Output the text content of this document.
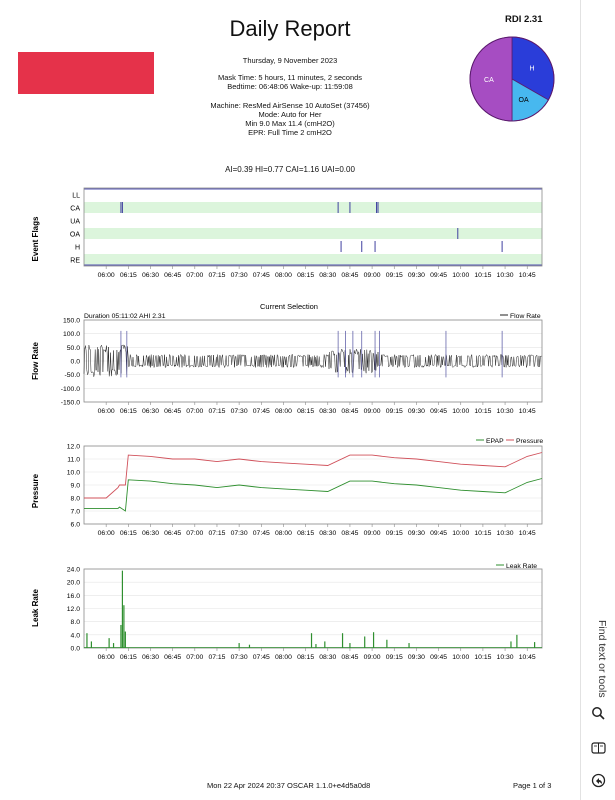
Daily Report	RDI 2.31
Thursday, 9 November 2023
Mask Time: 5 hours, 11 minutes, 2 seconds
Bedtime: 06:48:06 Wake-up: 11:59:08
Machine: ResMed AirSense 10 AutoSet (37456)
Mode: Auto for Her
Min 9.0 Max 11.4 (cmH2O)
EPR: Full Time 2 cmH2O
H
OA
CA
AI=0.39 HI=0.77 CAI=1.16 UAI=0.00
Event Flags
LL
CA
UA
OA
H
RE
06:00 06:15 06:30 06:45 07:00 07:15 07:30 07:45 08:00 08:15 08:30 08:45 09:00 09:15 09:30 09:45 10:00 10:15 10:30 10:45
Current Selection
Duration 05:11:02 AHI 2.31	Flow Rate
Flow Rate
150.0
100.0
50.0
0.0
-50.0
-100.0
-150.0
06:00 06:15 06:30 06:45 07:00 07:15 07:30 07:45 08:00 08:15 08:30 08:45 09:00 09:15 09:30 09:45 10:00 10:15 10:30 10:45
Pressure
EPAP Pressure
12.0
11.0
10.0
9.0
8.0
7.0
6.0
06:00 06:15 06:30 06:45 07:00 07:15 07:30 07:45 08:00 08:15 08:30 08:45 09:00 09:15 09:30 09:45 10:00 10:15 10:30 10:45
Leak Rate
Leak Rate
24.0
20.0
16.0
12.0
8.0
4.0
0.0
06:00 06:15 06:30 06:45 07:00 07:15 07:30 07:45 08:00 08:15 08:30 08:45 09:00 09:15 09:30 09:45 10:00 10:15 10:30 10:45
Mon 22 Apr 2024 20:37 OSCAR 1.1.0+e4d5a0d8	Page 1 of 3
Find text or tools
